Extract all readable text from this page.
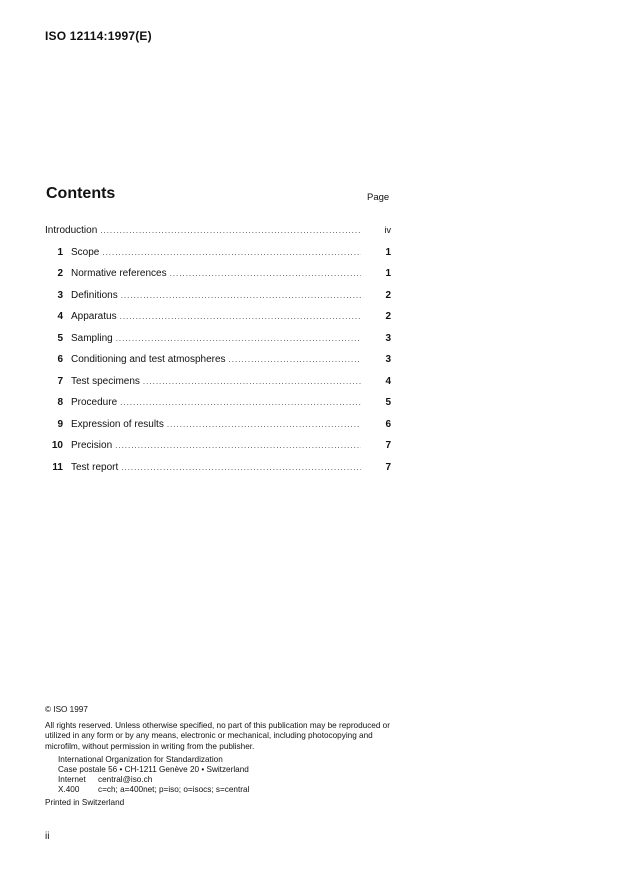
ISO 12114:1997(E)
Contents	Page
Introduction .....	iv
1 Scope .....	1
2 Normative references .....	1
3 Definitions .....	2
4 Apparatus .....	2
5 Sampling .....	3
6 Conditioning and test atmospheres .....	3
7 Test specimens .....	4
8 Procedure .....	5
9 Expression of results .....	6
10 Precision .....	7
11 Test report .....	7
© ISO 1997
All rights reserved. Unless otherwise specified, no part of this publication may be reproduced or utilized in any form or by any means, electronic or mechanical, including photocopying and microfilm, without permission in writing from the publisher.
International Organization for Standardization
Case postale 56 • CH-1211 Genève 20 • Switzerland
Internet	central@iso.ch
X.400	c=ch; a=400net; p=iso; o=isocs; s=central
Printed in Switzerland
ii
